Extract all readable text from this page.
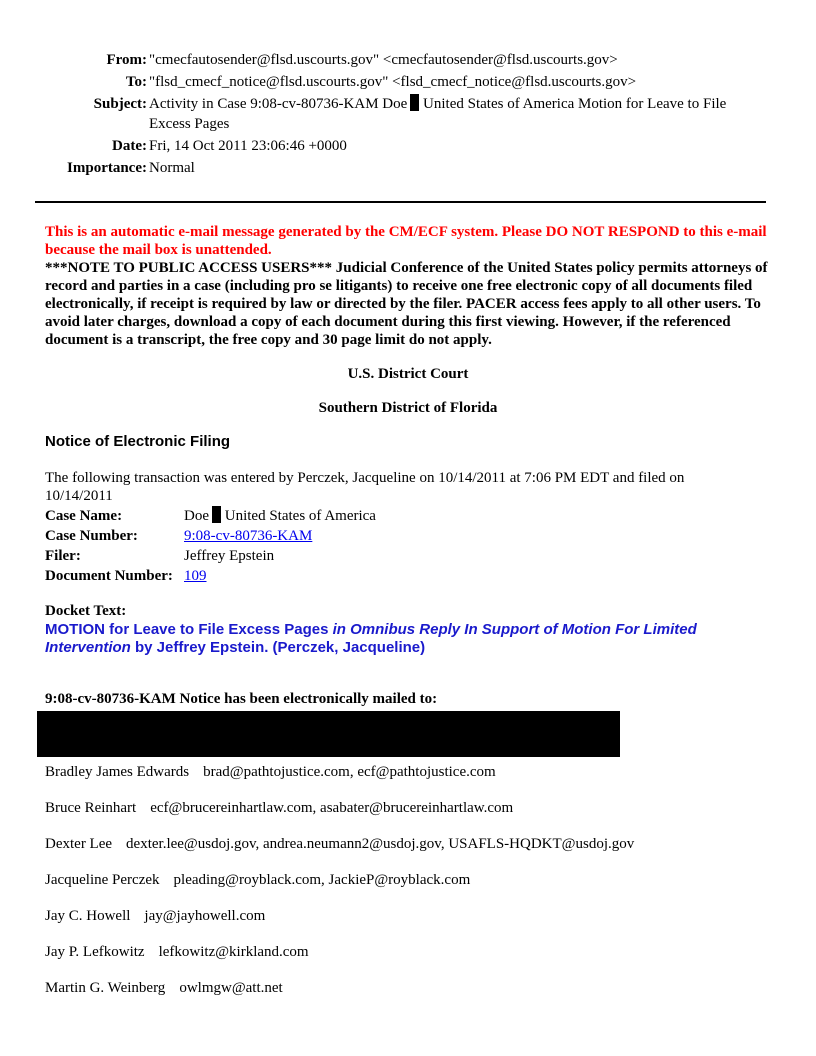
From: "cmecfautosender@flsd.uscourts.gov" <cmecfautosender@flsd.uscourts.gov>
To: "flsd_cmecf_notice@flsd.uscourts.gov" <flsd_cmecf_notice@flsd.uscourts.gov>
Subject: Activity in Case 9:08-cv-80736-KAM Doe United States of America Motion for Leave to File Excess Pages
Date: Fri, 14 Oct 2011 23:06:46 +0000
Importance: Normal
This is an automatic e-mail message generated by the CM/ECF system. Please DO NOT RESPOND to this e-mail because the mail box is unattended.
***NOTE TO PUBLIC ACCESS USERS*** Judicial Conference of the United States policy permits attorneys of record and parties in a case (including pro se litigants) to receive one free electronic copy of all documents filed electronically, if receipt is required by law or directed by the filer. PACER access fees apply to all other users. To avoid later charges, download a copy of each document during this first viewing. However, if the referenced document is a transcript, the free copy and 30 page limit do not apply.
U.S. District Court
Southern District of Florida
Notice of Electronic Filing
The following transaction was entered by Perczek, Jacqueline on 10/14/2011 at 7:06 PM EDT and filed on 10/14/2011
Case Name:	Doe United States of America
Case Number:	9:08-cv-80736-KAM
Filer:	Jeffrey Epstein
Document Number:	109
Docket Text:
MOTION for Leave to File Excess Pages in Omnibus Reply In Support of Motion For Limited Intervention by Jeffrey Epstein. (Perczek, Jacqueline)
9:08-cv-80736-KAM Notice has been electronically mailed to:
Bradley James Edwards brad@pathtojustice.com, ecf@pathtojustice.com
Bruce Reinhart ecf@brucereinhartlaw.com, asabater@brucereinhartlaw.com
Dexter Lee dexter.lee@usdoj.gov, andrea.neumann2@usdoj.gov, USAFLS-HQDKT@usdoj.gov
Jacqueline Perczek pleading@royblack.com, JackieP@royblack.com
Jay C. Howell jay@jayhowell.com
Jay P. Lefkowitz lefkowitz@kirkland.com
Martin G. Weinberg owlmgw@att.net
